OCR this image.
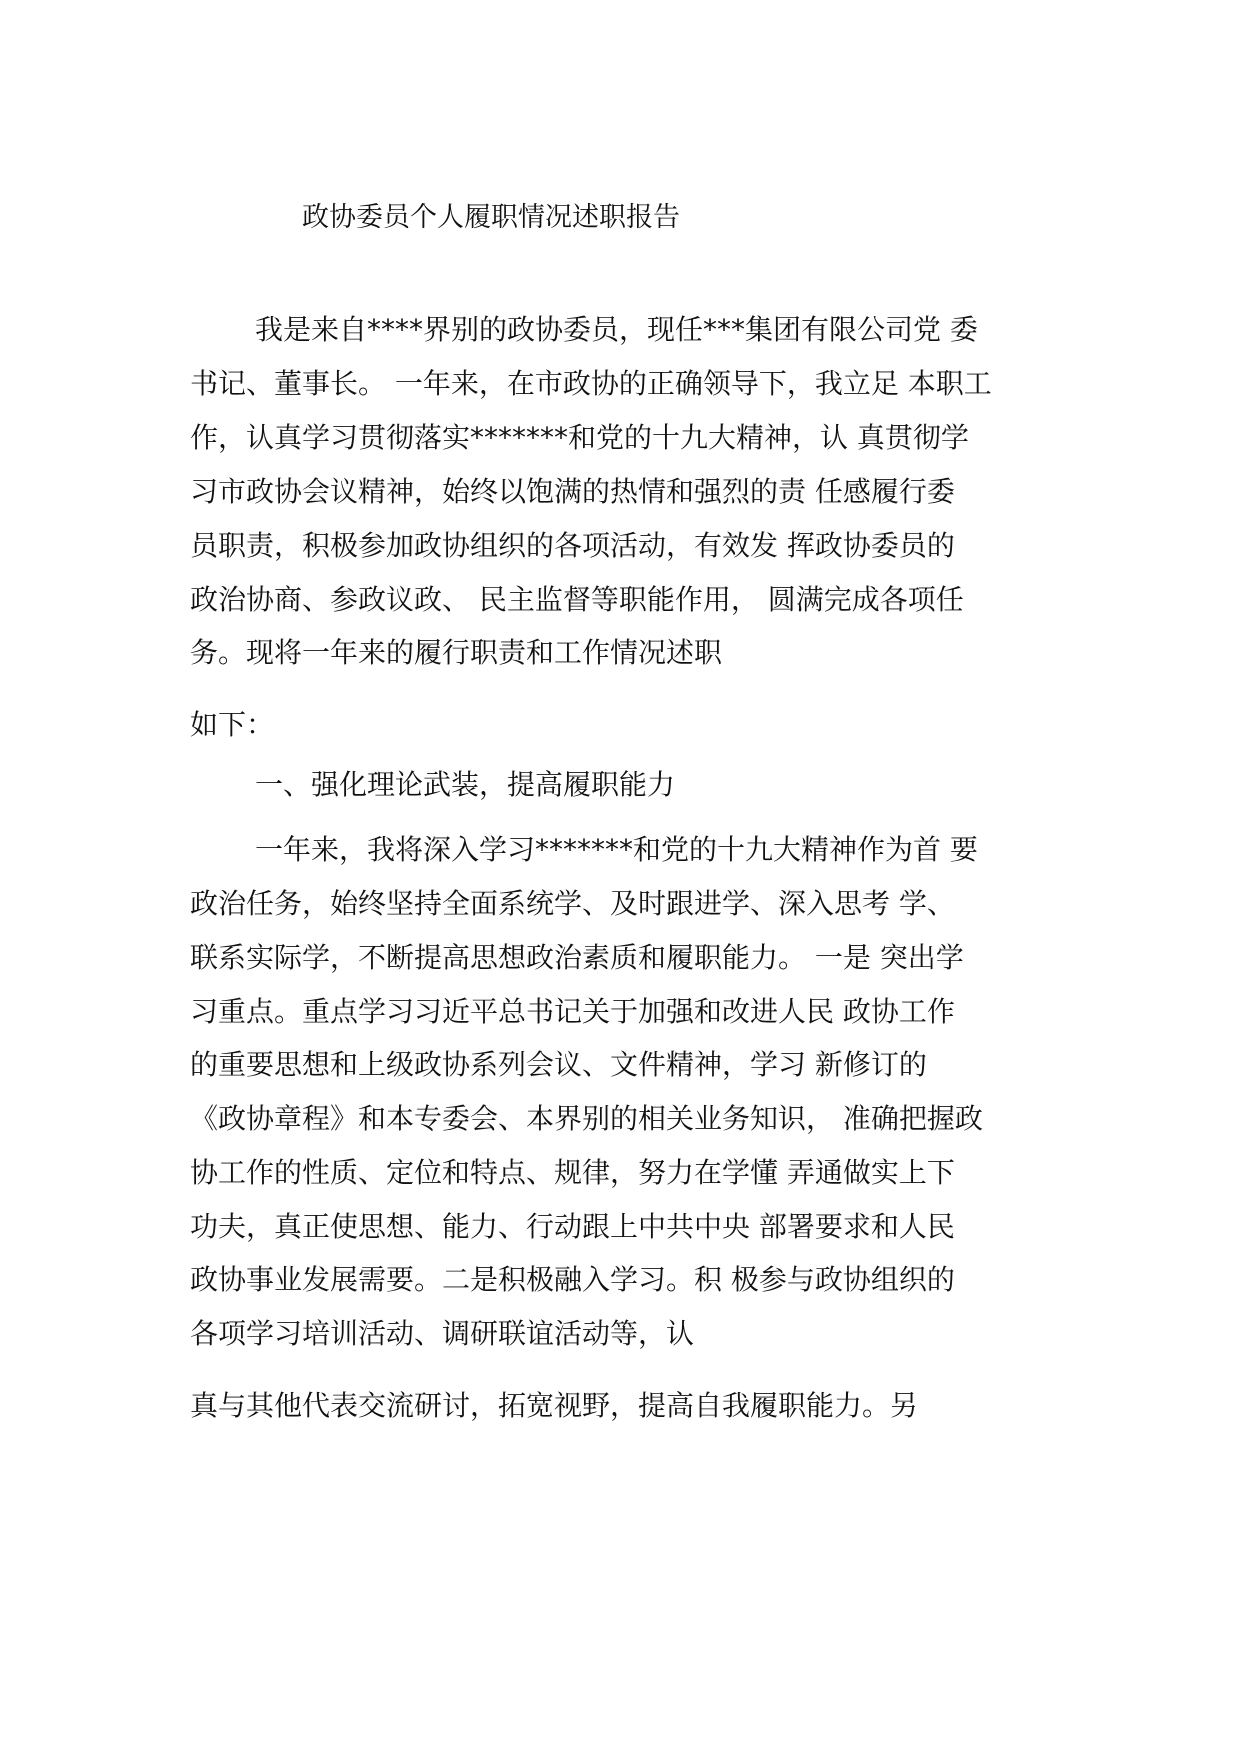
政协委员个人履职情况述职报告
我是来自****界别的政协委员，现任***集团有限公司党 委
书记、董事长。 一年来，在市政协的正确领导下，我立足 本职工
作，认真学习贯彻落实*******和党的十九大精神，认 真贯彻学
习市政协会议精神，始终以饱满的热情和强烈的责 任感履行委
员职责，积极参加政协组织的各项活动，有效发 挥政协委员的
政治协商、参政议政、 民主监督等职能作用， 圆满完成各项任
务。现将一年来的履行职责和工作情况述职
如下：
一、强化理论武装，提高履职能力
一年来，我将深入学习*******和党的十九大精神作为首 要
政治任务，始终坚持全面系统学、及时跟进学、深入思考 学、
联系实际学，不断提高思想政治素质和履职能力。 一是 突出学
习重点。重点学习习近平总书记关于加强和改进人民 政协工作
的重要思想和上级政协系列会议、文件精神，学习 新修订的
《政协章程》和本专委会、本界别的相关业务知识， 准确把握政
协工作的性质、定位和特点、规律，努力在学懂 弄通做实上下
功夫，真正使思想、能力、行动跟上中共中央 部署要求和人民
政协事业发展需要。二是积极融入学习。积 极参与政协组织的
各项学习培训活动、调研联谊活动等，认
真与其他代表交流研讨，拓宽视野，提高自我履职能力。另
